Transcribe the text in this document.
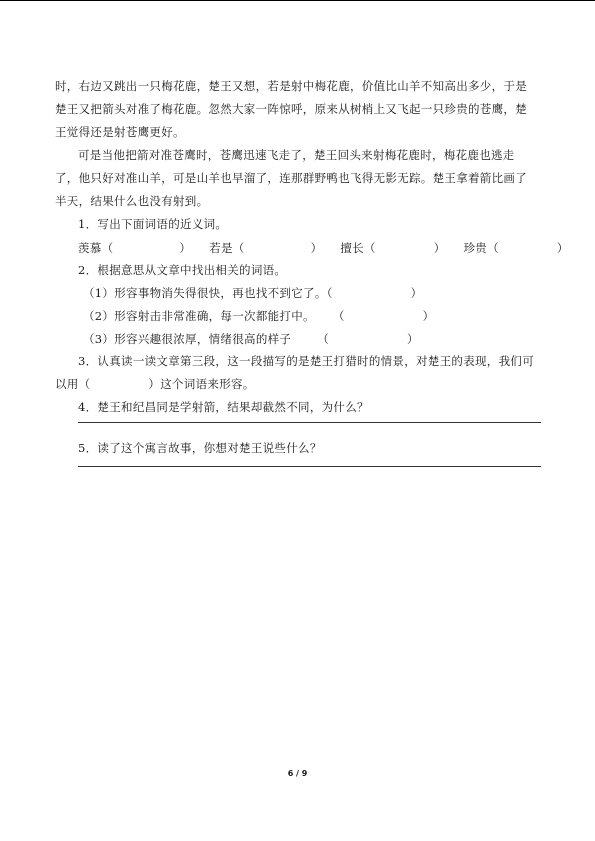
时，右边又跳出一只梅花鹿，楚王又想，若是射中梅花鹿，价值比山羊不知高出多少，于是
楚王又把箭头对准了梅花鹿。忽然大家一阵惊呼，原来从树梢上又飞起一只珍贵的苍鹰，楚
王觉得还是射苍鹰更好。
可是当他把箭对准苍鹰时，苍鹰迅速飞走了，楚王回头来射梅花鹿时，梅花鹿也逃走
了，他只好对准山羊，可是山羊也早溜了，连那群野鸭也飞得无影无踪。楚王拿着箭比画了
半天，结果什么也没有射到。
1．写出下面词语的近义词。
羡慕（	） 若是（	） 擅长（	） 珍贵（	）
2．根据意思从文章中找出相关的词语。
（1）形容事物消失得很快，再也找不到它了。（	）
（2）形容射击非常准确，每一次都能打中。 （	）
（3）形容兴趣很浓厚，情绪很高的样子 （	）
3．认真读一读文章第三段，这一段描写的是楚王打猎时的情景，对楚王的表现，我们可
以用（	）这个词语来形容。
4．楚王和纪昌同是学射箭，结果却截然不同，为什么？
5．读了这个寓言故事，你想对楚王说些什么？
6 / 9
